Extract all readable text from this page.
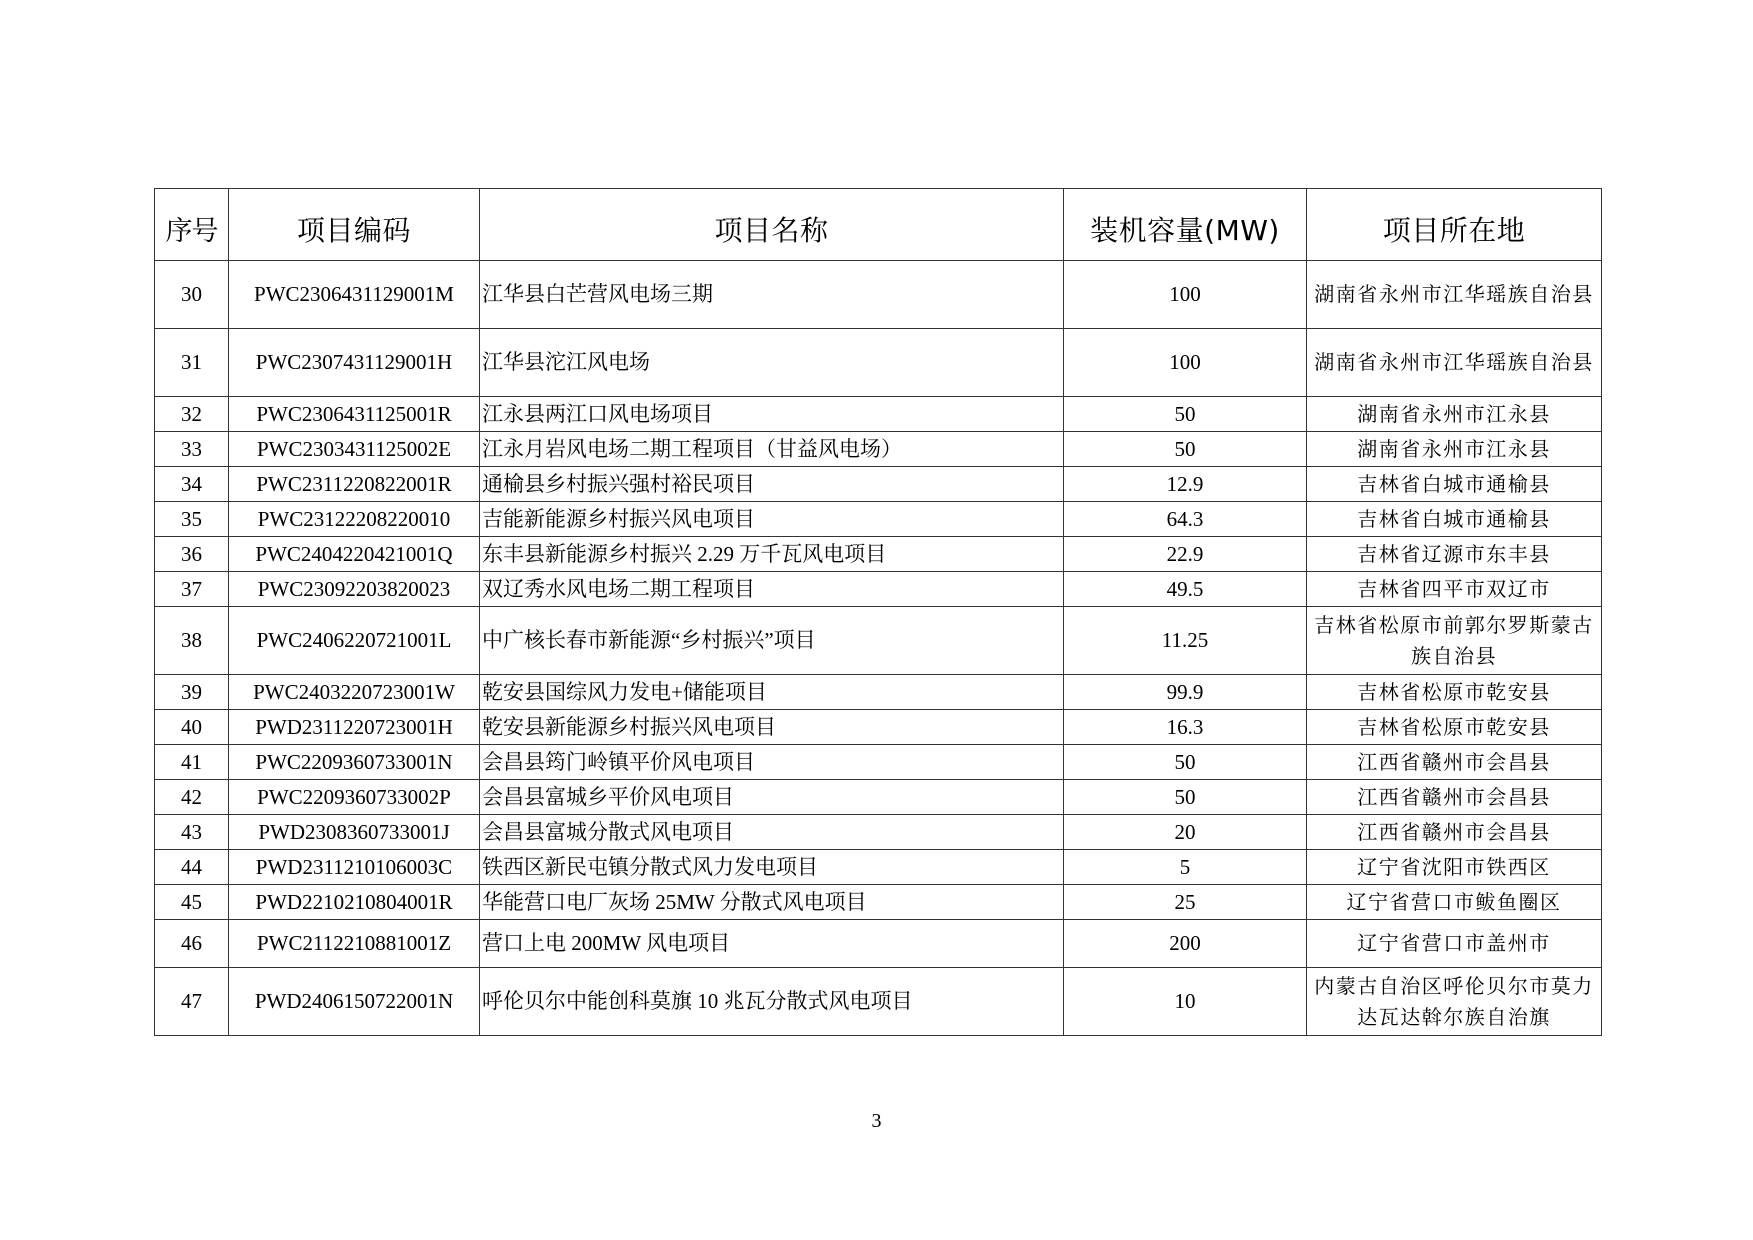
序号	项目编码	项目名称	装机容量(MW)	项目所在地
30	PWC2306431129001M	江华县白芒营风电场三期	100	湖南省永州市江华瑶族自治县
31	PWC2307431129001H	江华县沱江风电场	100	湖南省永州市江华瑶族自治县
32	PWC2306431125001R	江永县两江口风电场项目	50	湖南省永州市江永县
33	PWC2303431125002E	江永月岩风电场二期工程项目（甘益风电场）	50	湖南省永州市江永县
34	PWC2311220822001R	通榆县乡村振兴强村裕民项目	12.9	吉林省白城市通榆县
35	PWC23122208220010	吉能新能源乡村振兴风电项目	64.3	吉林省白城市通榆县
36	PWC2404220421001Q	东丰县新能源乡村振兴 2.29 万千瓦风电项目	22.9	吉林省辽源市东丰县
37	PWC23092203820023	双辽秀水风电场二期工程项目	49.5	吉林省四平市双辽市
38	PWC2406220721001L	中广核长春市新能源“乡村振兴”项目	11.25	吉林省松原市前郭尔罗斯蒙古族自治县
39	PWC2403220723001W	乾安县国综风力发电+储能项目	99.9	吉林省松原市乾安县
40	PWD2311220723001H	乾安县新能源乡村振兴风电项目	16.3	吉林省松原市乾安县
41	PWC2209360733001N	会昌县筠门岭镇平价风电项目	50	江西省赣州市会昌县
42	PWC2209360733002P	会昌县富城乡平价风电项目	50	江西省赣州市会昌县
43	PWD2308360733001J	会昌县富城分散式风电项目	20	江西省赣州市会昌县
44	PWD2311210106003C	铁西区新民屯镇分散式风力发电项目	5	辽宁省沈阳市铁西区
45	PWD2210210804001R	华能营口电厂灰场 25MW 分散式风电项目	25	辽宁省营口市鲅鱼圈区
46	PWC2112210881001Z	营口上电 200MW 风电项目	200	辽宁省营口市盖州市
47	PWD2406150722001N	呼伦贝尔中能创科莫旗 10 兆瓦分散式风电项目	10	内蒙古自治区呼伦贝尔市莫力达瓦达斡尔族自治旗
3
